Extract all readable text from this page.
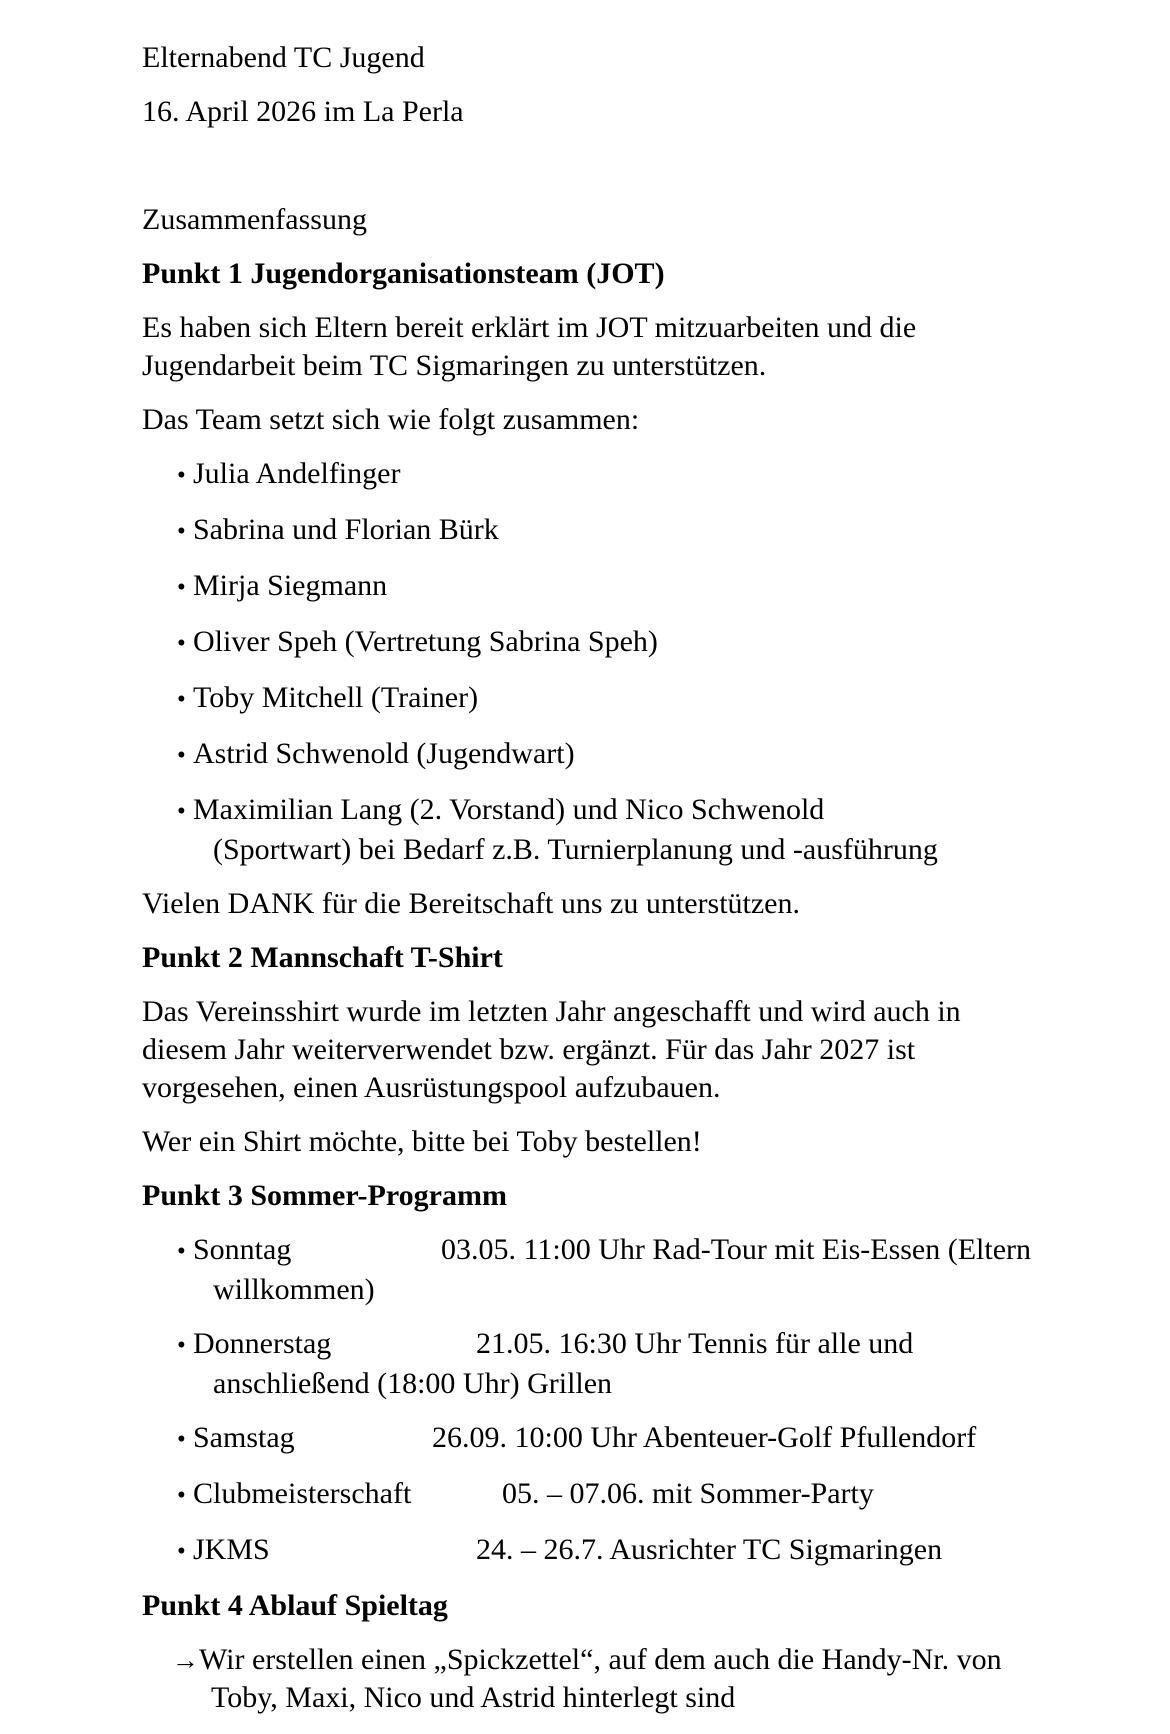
Elternabend TC Jugend

16. April 2026 im La Perla

Zusammenfassung

Punkt 1 Jugendorganisationsteam (JOT)

Es haben sich Eltern bereit erklärt im JOT mitzuarbeiten und die Jugendarbeit beim TC Sigmaringen zu unterstützen.

Das Team setzt sich wie folgt zusammen:

• Julia Andelfinger
• Sabrina und Florian Bürk
• Mirja Siegmann
• Oliver Speh (Vertretung Sabrina Speh)
• Toby Mitchell (Trainer)
• Astrid Schwenold (Jugendwart)
• Maximilian Lang (2. Vorstand) und Nico Schwenold
(Sportwart) bei Bedarf z.B. Turnierplanung und -ausführung

Vielen DANK für die Bereitschaft uns zu unterstützen.

Punkt 2 Mannschaft T-Shirt

Das Vereinsshirt wurde im letzten Jahr angeschafft und wird auch in diesem Jahr weiterverwendet bzw. ergänzt. Für das Jahr 2027 ist vorgesehen, einen Ausrüstungspool aufzubauen.

Wer ein Shirt möchte, bitte bei Toby bestellen!

Punkt 3 Sommer-Programm
• Sonntag	03.05. 11:00 Uhr Rad-Tour mit Eis-Essen (Eltern willkommen)
• Donnerstag	21.05. 16:30 Uhr Tennis für alle und anschließend (18:00 Uhr) Grillen
• Samstag	26.09. 10:00 Uhr Abenteuer-Golf Pfullendorf
• Clubmeisterschaft	05. – 07.06. mit Sommer-Party
• JKMS	24. – 26.7. Ausrichter TC Sigmaringen
Punkt 4 Ablauf Spieltag
→Wir erstellen einen „Spickzettel“, auf dem auch die Handy-Nr. von Toby, Maxi, Nico und Astrid hinterlegt sind
